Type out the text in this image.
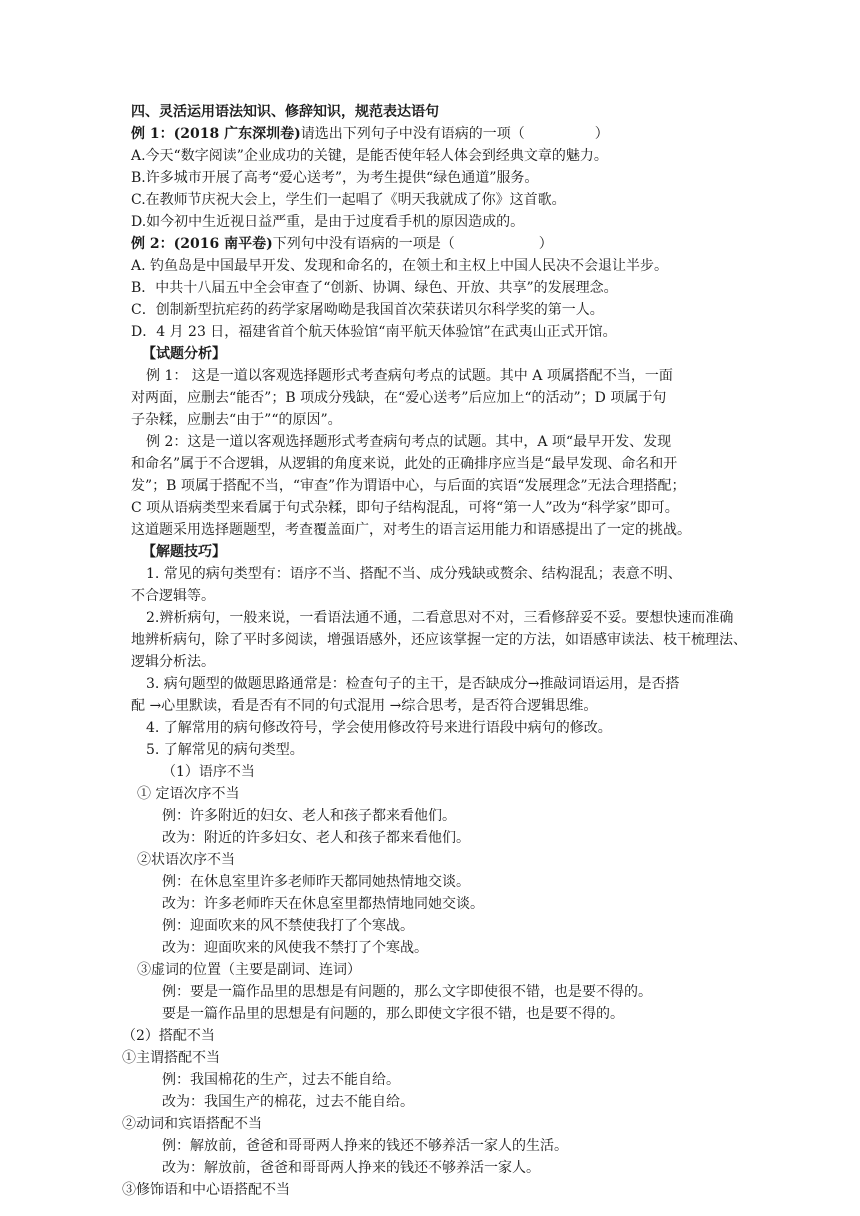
四、灵活运用语法知识、修辞知识，规范表达语句
例 1：(2018 广东深圳卷)请选出下列句子中没有语病的一项（　　　　　）
A.今天“数字阅读”企业成功的关键，是能否使年轻人体会到经典文章的魅力。
B.许多城市开展了高考“爱心送考”，为考生提供“绿色通道”服务。
C.在教师节庆祝大会上，学生们一起唱了《明天我就成了你》这首歌。
D.如今初中生近视日益严重，是由于过度看手机的原因造成的。
例 2：(2016 南平卷)下列句中没有语病的一项是（　　　　　　）
A. 钓鱼岛是中国最早开发、发现和命名的，在领土和主权上中国人民决不会退让半步。
B．中共十八届五中全会审查了“创新、协调、绿色、开放、共享”的发展理念。
C．创制新型抗疟药的药学家屠呦呦是我国首次荣获诺贝尔科学奖的第一人。
D．4 月 23 日，福建省首个航天体验馆“南平航天体验馆”在武夷山正式开馆。
【试题分析】
例 1： 这是一道以客观选择题形式考查病句考点的试题。其中 A 项属搭配不当，一面
对两面，应删去“能否”；B 项成分残缺，在“爱心送考”后应加上“的活动”；D 项属于句
子杂糅，应删去“由于”“的原因”。
例 2：这是一道以客观选择题形式考查病句考点的试题。其中，A 项“最早开发、发现
和命名”属于不合逻辑，从逻辑的角度来说，此处的正确排序应当是“最早发现、命名和开
发”；B 项属于搭配不当，“审查”作为谓语中心，与后面的宾语“发展理念”无法合理搭配；
C 项从语病类型来看属于句式杂糅，即句子结构混乱，可将“第一人”改为“科学家”即可。
这道题采用选择题题型，考查覆盖面广，对考生的语言运用能力和语感提出了一定的挑战。
【解题技巧】
1. 常见的病句类型有：语序不当、搭配不当、成分残缺或赘余、结构混乱；表意不明、
不合逻辑等。
2.辨析病句，一般来说，一看语法通不通，二看意思对不对，三看修辞妥不妥。要想快速而准确
地辨析病句，除了平时多阅读，增强语感外，还应该掌握一定的方法，如语感审读法、枝干梳理法、
逻辑分析法。
3. 病句题型的做题思路通常是：检查句子的主干，是否缺成分→推敲词语运用，是否搭
配 →心里默读，看是否有不同的句式混用 →综合思考，是否符合逻辑思维。
4. 了解常用的病句修改符号，学会使用修改符号来进行语段中病句的修改。
5. 了解常见的病句类型。
（1）语序不当
① 定语次序不当
例：许多附近的妇女、老人和孩子都来看他们。
改为：附近的许多妇女、老人和孩子都来看他们。
②状语次序不当
例：在休息室里许多老师昨天都同她热情地交谈。
改为：许多老师昨天在休息室里都热情地同她交谈。
例：迎面吹来的风不禁使我打了个寒战。
改为：迎面吹来的风使我不禁打了个寒战。
③虚词的位置（主要是副词、连词）
例：要是一篇作品里的思想是有问题的，那么文字即使很不错，也是要不得的。
要是一篇作品里的思想是有问题的，那么即使文字很不错，也是要不得的。
（2）搭配不当
①主谓搭配不当
例：我国棉花的生产，过去不能自给。
改为：我国生产的棉花，过去不能自给。
②动词和宾语搭配不当
例：解放前，爸爸和哥哥两人挣来的钱还不够养活一家人的生活。
改为：解放前，爸爸和哥哥两人挣来的钱还不够养活一家人。
③修饰语和中心语搭配不当
